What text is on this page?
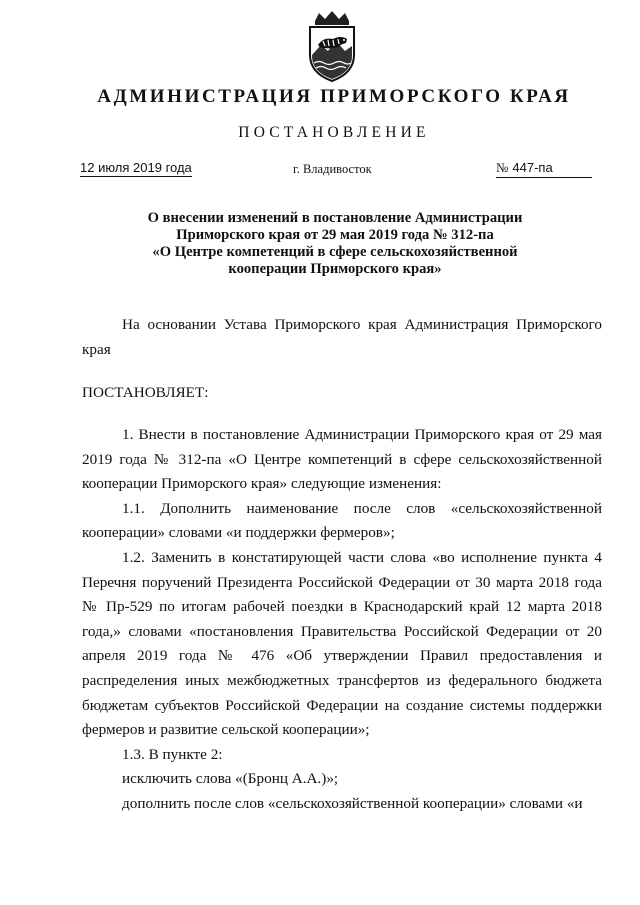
АДМИНИСТРАЦИЯ ПРИМОРСКОГО КРАЯ
ПОСТАНОВЛЕНИЕ
12 июля 2019 года	г. Владивосток	№ 447-па
О внесении изменений в постановление Администрации
Приморского края от 29 мая 2019 года № 312-па
«О Центре компетенций в сфере сельскохозяйственной
кооперации Приморского края»
На основании Устава Приморского края Администрация Приморского края
ПОСТАНОВЛЯЕТ:

1. Внести в постановление Администрации Приморского края от 29 мая 2019 года № 312-па «О Центре компетенций в сфере сельскохозяйственной кооперации Приморского края» следующие изменения:

1.1. Дополнить наименование после слов «сельскохозяйственной кооперации» словами «и поддержки фермеров»;

1.2. Заменить в констатирующей части слова «во исполнение пункта 4 Перечня поручений Президента Российской Федерации от 30 марта 2018 года № Пр-529 по итогам рабочей поездки в Краснодарский край 12 марта 2018 года,» словами «постановления Правительства Российской Федерации от 20 апреля 2019 года № 476 «Об утверждении Правил предоставления и распределения иных межбюджетных трансфертов из федерального бюджета бюджетам субъектов Российской Федерации на создание системы поддержки фермеров и развитие сельской кооперации»;

1.3. В пункте 2:

исключить слова «(Бронц А.А.)»;

дополнить после слов «сельскохозяйственной кооперации» словами «и
